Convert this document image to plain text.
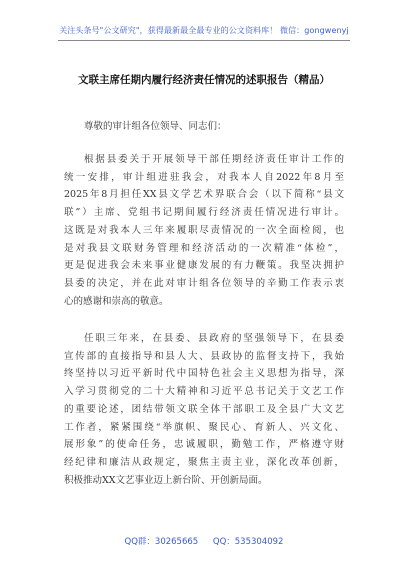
关注头条号"公文研究"，获得最新最全最专业的公文资料库！ 微信：gongwenyj
文联主席任期内履行经济责任情况的述职报告（精品）
尊敬的审计组各位领导、同志们：
根据县委关于开展领导干部任期经济责任审计工作的
统一安排，审计组进驻我会，对我本人自2022年8月至
2025年8月担任XX县文学艺术界联合会（以下简称“县文
联”）主席、党组书记期间履行经济责任情况进行审计。
这既是对我本人三年来履职尽责情况的一次全面检阅，也
是对我县文联财务管理和经济活动的一次精准“体检”，
更是促进我会未来事业健康发展的有力鞭策。我坚决拥护
县委的决定，并在此对审计组各位领导的辛勤工作表示衷
心的感谢和崇高的敬意。
任职三年来，在县委、县政府的坚强领导下，在县委
宣传部的直接指导和县人大、县政协的监督支持下，我始
终坚持以习近平新时代中国特色社会主义思想为指导，深
入学习贯彻党的二十大精神和习近平总书记关于文艺工作
的重要论述，团结带领文联全体干部职工及全县广大文艺
工作者，紧紧围绕“举旗帜、聚民心、育新人、兴文化、
展形象”的使命任务，忠诚履职，勤勉工作，严格遵守财
经纪律和廉洁从政规定，聚焦主责主业，深化改革创新，
积极推动XX文艺事业迈上新台阶、开创新局面。
QQ群：30265665 QQ：535304092
